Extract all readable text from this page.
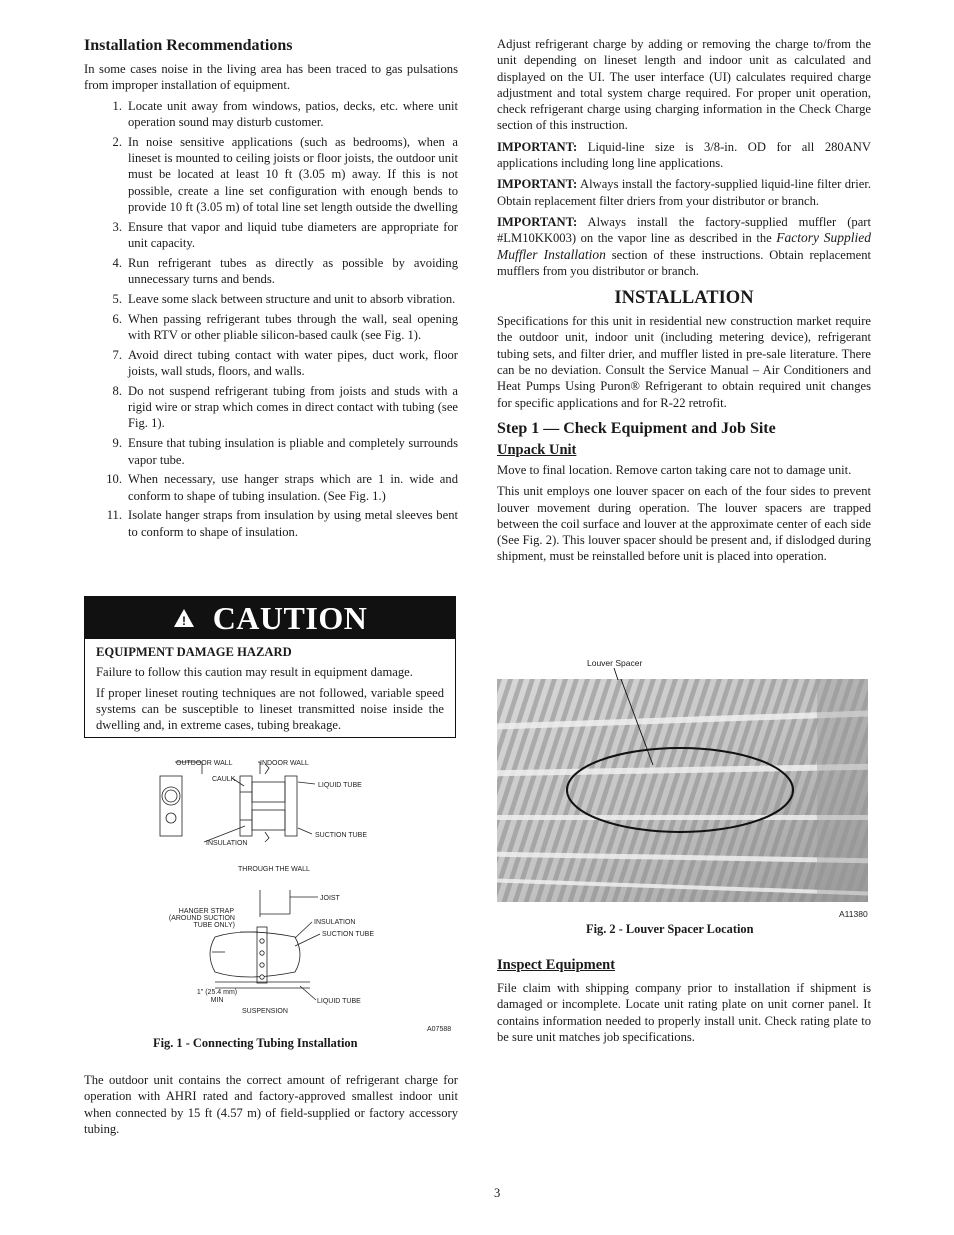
Installation Recommendations

In some cases noise in the living area has been traced to gas pulsations from improper installation of equipment.

1. Locate unit away from windows, patios, decks, etc. where unit operation sound may disturb customer.
2. In noise sensitive applications (such as bedrooms), when a lineset is mounted to ceiling joists or floor joists, the outdoor unit must be located at least 10 ft (3.05 m) away. If this is not possible, create a line set configuration with enough bends to provide 10 ft (3.05 m) of total line set length outside the dwelling
3. Ensure that vapor and liquid tube diameters are appropriate for unit capacity.
4. Run refrigerant tubes as directly as possible by avoiding unnecessary turns and bends.
5. Leave some slack between structure and unit to absorb vibration.
6. When passing refrigerant tubes through the wall, seal opening with RTV or other pliable silicon-based caulk (see Fig. 1).
7. Avoid direct tubing contact with water pipes, duct work, floor joists, wall studs, floors, and walls.
8. Do not suspend refrigerant tubing from joists and studs with a rigid wire or strap which comes in direct contact with tubing (see Fig. 1).
9. Ensure that tubing insulation is pliable and completely surrounds vapor tube.
10. When necessary, use hanger straps which are 1 in. wide and conform to shape of tubing insulation. (See Fig. 1.)
11. Isolate hanger straps from insulation by using metal sleeves bent to conform to shape of insulation.
! CAUTION

EQUIPMENT DAMAGE HAZARD

Failure to follow this caution may result in equipment damage.

If proper lineset routing techniques are not followed, variable speed systems can be susceptible to lineset transmitted noise inside the dwelling and, in extreme cases, tubing breakage.

OUTDOOR WALL	INDOOR WALL
CAULK
LIQUID TUBE
SUCTION TUBE
INSULATION
THROUGH THE WALL
JOIST
HANGER STRAP
(AROUND SUCTION
TUBE ONLY)	INSULATION
SUCTION TUBE
1" (25.4 mm)
MIN	LIQUID TUBE
SUSPENSION
A07588
Fig. 1 - Connecting Tubing Installation

The outdoor unit contains the correct amount of refrigerant charge for operation with AHRI rated and factory-approved smallest indoor unit when connected by 15 ft (4.57 m) of field-supplied or factory accessory tubing.

Adjust refrigerant charge by adding or removing the charge to/from the unit depending on lineset length and indoor unit as calculated and displayed on the UI. The user interface (UI) calculates required charge adjustment and total system charge required. For proper unit operation, check refrigerant charge using charging information in the Check Charge section of this instruction.

IMPORTANT: Liquid-line size is 3/8-in. OD for all 280ANV applications including long line applications.

IMPORTANT: Always install the factory-supplied liquid-line filter drier. Obtain replacement filter driers from your distributor or branch.

IMPORTANT: Always install the factory-supplied muffler (part #LM10KK003) on the vapor line as described in the Factory Supplied Muffler Installation section of these instructions. Obtain replacement mufflers from you distributor or branch.

INSTALLATION

Specifications for this unit in residential new construction market require the outdoor unit, indoor unit (including metering device), refrigerant tubing sets, and filter drier, and muffler listed in pre-sale literature. There can be no deviation. Consult the Service Manual – Air Conditioners and Heat Pumps Using Puron® Refrigerant to obtain required unit changes for specific applications and for R-22 retrofit.

Step 1 — Check Equipment and Job Site
Unpack Unit

Move to final location. Remove carton taking care not to damage unit.

This unit employs one louver spacer on each of the four sides to prevent louver movement during operation. The louver spacers are trapped between the coil surface and louver at the approximate center of each side (See Fig. 2). This louver spacer should be present and, if dislodged during shipment, must be reinstalled before unit is placed into operation.

Louver Spacer
A11380
Fig. 2 - Louver Spacer Location
Inspect Equipment

File claim with shipping company prior to installation if shipment is damaged or incomplete. Locate unit rating plate on unit corner panel. It contains information needed to properly install unit. Check rating plate to be sure unit matches job specifications.

3
